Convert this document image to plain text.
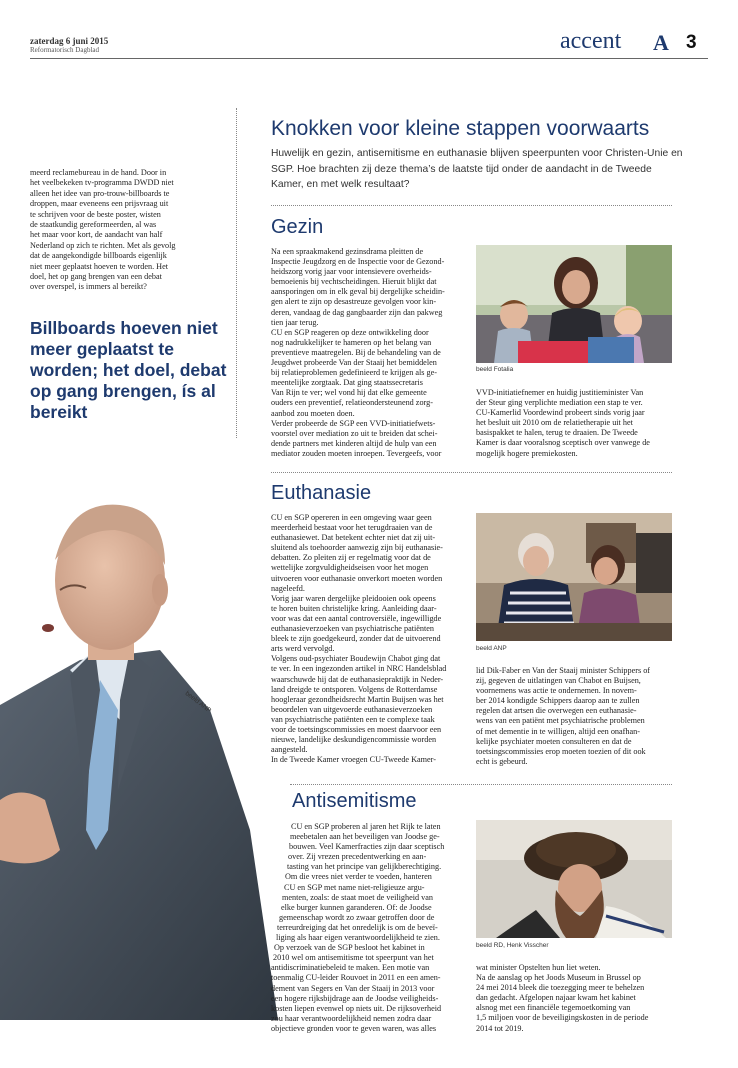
zaterdag 6 juni 2015
Reformatorisch Dagblad	accent A 3

meerd reclamebureau in de hand. Door in

het veelbekeken tv-programma DWDD niet

alleen het idee van pro-trouw-billboards te

droppen, maar eveneens een prijsvraag uit

te schrijven voor de beste poster, wisten

de staatkundig gereformeerden, al was

het maar voor kort, de aandacht van half

Nederland op zich te richten. Met als gevolg

dat de aangekondigde billboards eigenlijk

niet meer geplaatst hoeven te worden. Het

doel, het op gang brengen van een debat

over overspel, is immers al bereikt?

Billboards hoeven niet meer geplaatst te worden; het doel, debat op gang brengen, ís al bereikt
beeld ANP
Knokken voor kleine stappen voorwaarts
Huwelijk en gezin, antisemitisme en euthanasie blijven speerpunten voor Christen-Unie en SGP. Hoe brachten zij deze thema’s de laatste tijd onder de aandacht in de Tweede Kamer, en met welk resultaat?
Gezin

Na een spraakmakend gezinsdrama pleitten de

Inspectie Jeugdzorg en de Inspectie voor de Gezond-

heidszorg vorig jaar voor intensievere overheids-

bemoeienis bij vechtscheidingen. Hieruit blijkt dat

aansporingen om in elk geval bij dergelijke scheidin-

gen alert te zijn op desastreuze gevolgen voor kin-

deren, vandaag de dag gangbaarder zijn dan pakweg

tien jaar terug.

CU en SGP reageren op deze ontwikkeling door

nog nadrukkelijker te hameren op het belang van

preventieve maatregelen. Bij de behandeling van de

Jeugdwet probeerde Van der Staaij het bemiddelen

bij relatieproblemen gedefinieerd te krijgen als ge-

meentelijke zorgtaak. Dat ging staatssecretaris

Van Rijn te ver; wel vond hij dat elke gemeente

ouders een preventief, relatieondersteunend zorg-

aanbod zou moeten doen.

Verder probeerde de SGP een VVD-initiatiefwets-

voorstel over mediation zo uit te breiden dat schei-

dende partners met kinderen altijd de hulp van een

mediator zouden moeten inroepen. Tevergeefs, voor

beeld Fotalia

VVD-initiatiefnemer en huidig justitieminister Van

der Steur ging verplichte mediation een stap te ver.

CU-Kamerlid Voordewind probeert sinds vorig jaar

het besluit uit 2010 om de relatietherapie uit het

basispakket te halen, terug te draaien. De Tweede

Kamer is daar vooralsnog sceptisch over vanwege de

mogelijk hogere premiekosten.

Euthanasie

CU en SGP opereren in een omgeving waar geen

meerderheid bestaat voor het terugdraaien van de

euthanasiewet. Dat betekent echter niet dat zij uit-

sluitend als toehoorder aanwezig zijn bij euthanasie-

debatten. Zo pleiten zij er regelmatig voor dat de

wettelijke zorgvuldigheidseisen voor het mogen

uitvoeren voor euthanasie onverkort moeten worden

nageleefd.

Vorig jaar waren dergelijke pleidooien ook opeens

te horen buiten christelijke kring. Aanleiding daar-

voor was dat een aantal controversiële, ingewilligde

euthanasieverzoeken van psychiatrische patiënten

bleek te zijn goedgekeurd, zonder dat de uitvoerend

arts werd vervolgd.

Volgens oud-psychiater Boudewijn Chabot ging dat

te ver. In een ingezonden artikel in NRC Handelsblad

waarschuwde hij dat de euthanasiepraktijk in Neder-

land dreigde te ontsporen. Volgens de Rotterdamse

hoogleraar gezondheidsrecht Martin Buijsen was het

beoordelen van uitgevoerde euthanasieverzoeken

van psychiatrische patiënten een te complexe taak

voor de toetsingscommissies en moest daarvoor een

nieuwe, landelijke deskundigencommissie worden

aangesteld.

In de Tweede Kamer vroegen CU-Tweede Kamer-

beeld ANP

lid Dik-Faber en Van der Staaij minister Schippers of

zij, gegeven de uitlatingen van Chabot en Buijsen,

voornemens was actie te ondernemen. In novem-

ber 2014 kondigde Schippers daarop aan te zullen

regelen dat artsen die overwegen een euthanasie-

wens van een patiënt met psychiatrische problemen

of met dementie in te willigen, altijd een onafhan-

kelijke psychiater moeten consulteren en dat de

toetsingscommissies erop moeten toezien of dit ook

echt is gebeurd.

Antisemitisme

CU en SGP proberen al jaren het Rijk te laten

meebetalen aan het beveiligen van Joodse ge-

bouwen. Veel Kamerfracties zijn daar sceptisch

over. Zij vrezen precedentwerking en aan-

tasting van het principe van gelijkberechtiging.

Om die vrees niet verder te voeden, hanteren

CU en SGP met name niet-religieuze argu-

menten, zoals: de staat moet de veiligheid van

elke burger kunnen garanderen. Of: de Joodse

gemeenschap wordt zo zwaar getroffen door de

terreurdreiging dat het onredelijk is om de beveï-

liging als haar eigen verantwoordelijkheid te zien.

Op verzoek van de SGP besloot het kabinet in

2010 wel om antisemitisme tot speerpunt van het

antidiscriminatiebeleid te maken. Een motie van

toenmalig CU-leider Rouvoet in 2011 en een amen-

dement van Segers en Van der Staaij in 2013 voor

een hogere rijksbijdrage aan de Joodse veiligheids-

kosten liepen evenwel op niets uit. De rijksoverheid

zou haar verantwoordelijkheid nemen zodra daar

objectieve gronden voor te geven waren, was alles

beeld RD, Henk Visscher

wat minister Opstelten hun liet weten.

Na de aanslag op het Joods Museum in Brussel op

24 mei 2014 bleek die toezegging meer te behelzen

dan gedacht. Afgelopen najaar kwam het kabinet

alsnog met een financiële tegemoetkoming van

1,5 miljoen voor de beveiligingskosten in de periode

2014 tot 2019.
